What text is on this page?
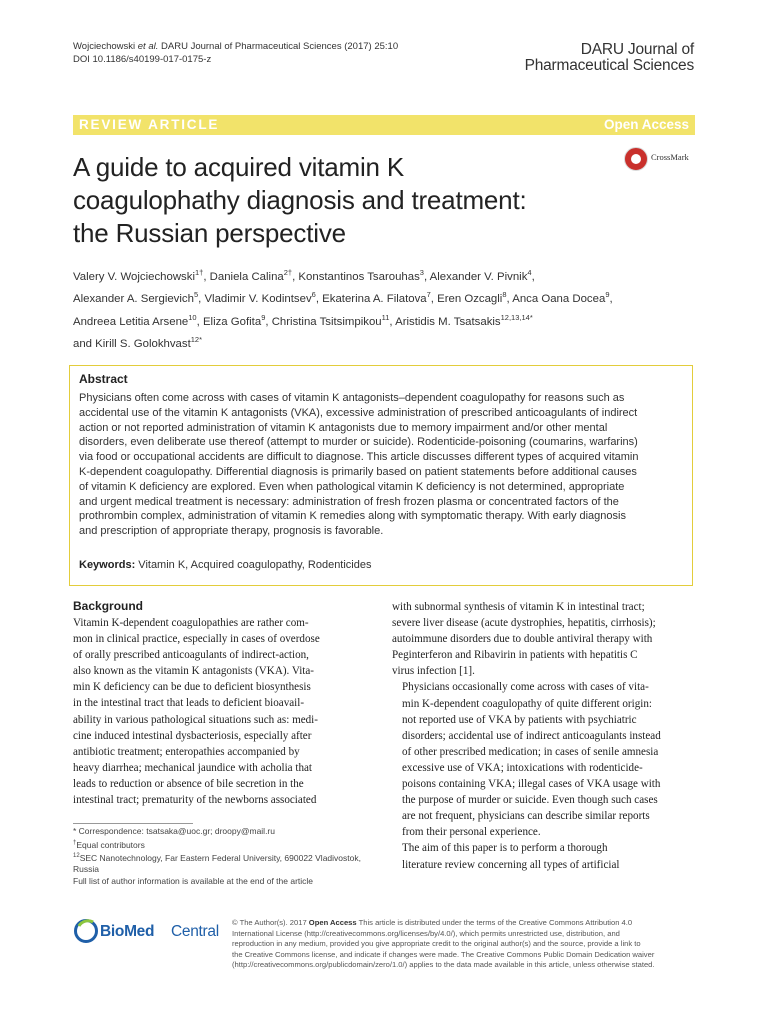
Wojciechowski et al. DARU Journal of Pharmaceutical Sciences (2017) 25:10
DOI 10.1186/s40199-017-0175-z
DARU Journal of
Pharmaceutical Sciences
REVIEW ARTICLE	Open Access
A guide to acquired vitamin K
coagulophathy diagnosis and treatment:
the Russian perspective
CrossMark
Valery V. Wojciechowski$^{1\dagger}$, Daniela Calina$^{2\dagger}$, Konstantinos Tsarouhas$^3$, Alexander V. Pivnik$^4$,
Alexander A. Sergievich$^5$, Vladimir V. Kodintsev$^6$, Ekaterina A. Filatova$^7$, Eren Ozcagli$^8$, Anca Oana Docea$^9$,
Andreea Letitia Arsene$^{10}$, Eliza Gofita$^9$, Christina Tsitsimpikou$^{11}$, Aristidis M. Tsatsakis$^{12,13,14*}$
and Kirill S. Golokhvast$^{12*}$
Abstract
Physicians often come across with cases of vitamin K antagonists–dependent coagulopathy for reasons such as
accidental use of the vitamin K antagonists (VKA), excessive administration of prescribed anticoagulants of indirect
action or not reported administration of vitamin K antagonists due to memory impairment and/or other mental
disorders, even deliberate use thereof (attempt to murder or suicide). Rodenticide-poisoning (coumarins, warfarins)
via food or occupational accidents are difficult to diagnose. This article discusses different types of acquired vitamin
K-dependent coagulopathy. Differential diagnosis is primarily based on patient statements before additional causes
of vitamin K deficiency are explored. Even when pathological vitamin K deficiency is not determined, appropriate
and urgent medical treatment is necessary: administration of fresh frozen plasma or concentrated factors of the
prothrombin complex, administration of vitamin K remedies along with symptomatic therapy. With early diagnosis
and prescription of appropriate therapy, prognosis is favorable.
Keywords: Vitamin K, Acquired coagulopathy, Rodenticides
Background
Vitamin K-dependent coagulopathies are rather com-
mon in clinical practice, especially in cases of overdose
of orally prescribed anticoagulants of indirect-action,
also known as the vitamin K antagonists (VKA). Vita-
min K deficiency can be due to deficient biosynthesis
in the intestinal tract that leads to deficient bioavail-
ability in various pathological situations such as: medi-
cine induced intestinal dysbacteriosis, especially after
antibiotic treatment; enteropathies accompanied by
heavy diarrhea; mechanical jaundice with acholia that
leads to reduction or absence of bile secretion in the
intestinal tract; prematurity of the newborns associated

with subnormal synthesis of vitamin K in intestinal tract;
severe liver disease (acute dystrophies, hepatitis, cirrhosis);
autoimmune disorders due to double antiviral therapy with
Peginterferon and Ribavirin in patients with hepatitis C
virus infection [1].

Physicians occasionally come across with cases of vita-
min K-dependent coagulopathy of quite different origin:
not reported use of VKA by patients with psychiatric
disorders; accidental use of indirect anticoagulants instead
of other prescribed medication; in cases of senile amnesia
excessive use of VKA; intoxications with rodenticide-
poisons containing VKA; illegal cases of VKA usage with
the purpose of murder or suicide. Even though such cases
are not frequent, physicians can describe similar reports
from their personal experience.

The aim of this paper is to perform a thorough
literature review concerning all types of artificial

* Correspondence: tsatsaka@uoc.gr; droopy@mail.ru
†Equal contributors
$^{12}$SEC Nanotechnology, Far Eastern Federal University, 690022 Vladivostok,
Russia
Full list of author information is available at the end of the article
BioMed Central
© The Author(s). 2017 Open Access This article is distributed under the terms of the Creative Commons Attribution 4.0
International License (http://creativecommons.org/licenses/by/4.0/), which permits unrestricted use, distribution, and
reproduction in any medium, provided you give appropriate credit to the original author(s) and the source, provide a link to
the Creative Commons license, and indicate if changes were made. The Creative Commons Public Domain Dedication waiver
(http://creativecommons.org/publicdomain/zero/1.0/) applies to the data made available in this article, unless otherwise stated.
